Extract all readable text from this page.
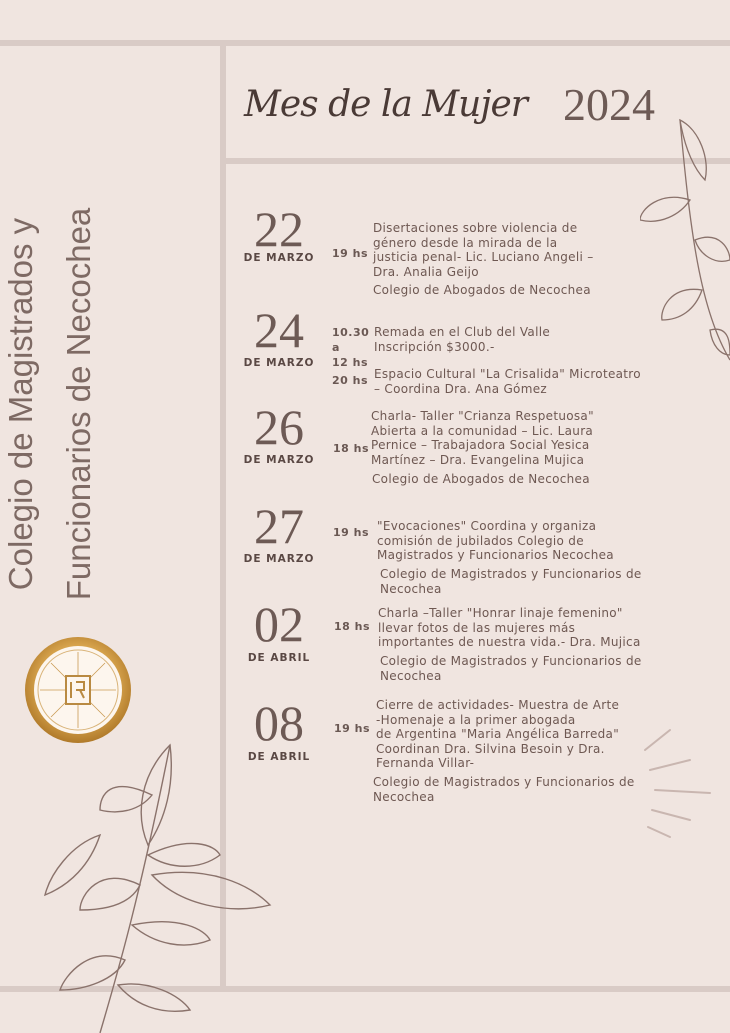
Colegio de Magistrados y Funcionarios de Necochea
Mes de la Mujer 2024
22
DE MARZO	19 hs
Disertaciones sobre violencia de
género desde la mirada de la
justicia penal- Lic. Luciano Angeli –
Dra. Analia Geijo
Colegio de Abogados de Necochea
24
DE MARZO
10.30
a
12 hs
Remada en el Club del Valle
Inscripción $3000.-
20 hs Espacio Cultural "La Crisalida" Microteatro
– Coordina Dra. Ana Gómez
26
DE MARZO
18 hs
Charla- Taller "Crianza Respetuosa"
Abierta a la comunidad – Lic. Laura
Pernice – Trabajadora Social Yesica
Martínez – Dra. Evangelina Mujica
Colegio de Abogados de Necochea
27
DE MARZO
19 hs "Evocaciones" Coordina y organiza
comisión de jubilados Colegio de
Magistrados y Funcionarios Necochea
Colegio de Magistrados y Funcionarios de
Necochea
02
DE ABRIL
18 hs
Charla –Taller "Honrar linaje femenino"
llevar fotos de las mujeres más
importantes de nuestra vida.- Dra. Mujica
Colegio de Magistrados y Funcionarios de
Necochea
08
DE ABRIL
19 hs
Cierre de actividades- Muestra de Arte
-Homenaje a la primer abogada
de Argentina "Maria Angélica Barreda"
Coordinan Dra. Silvina Besoin y Dra.
Fernanda Villar-
Colegio de Magistrados y Funcionarios de
Necochea
